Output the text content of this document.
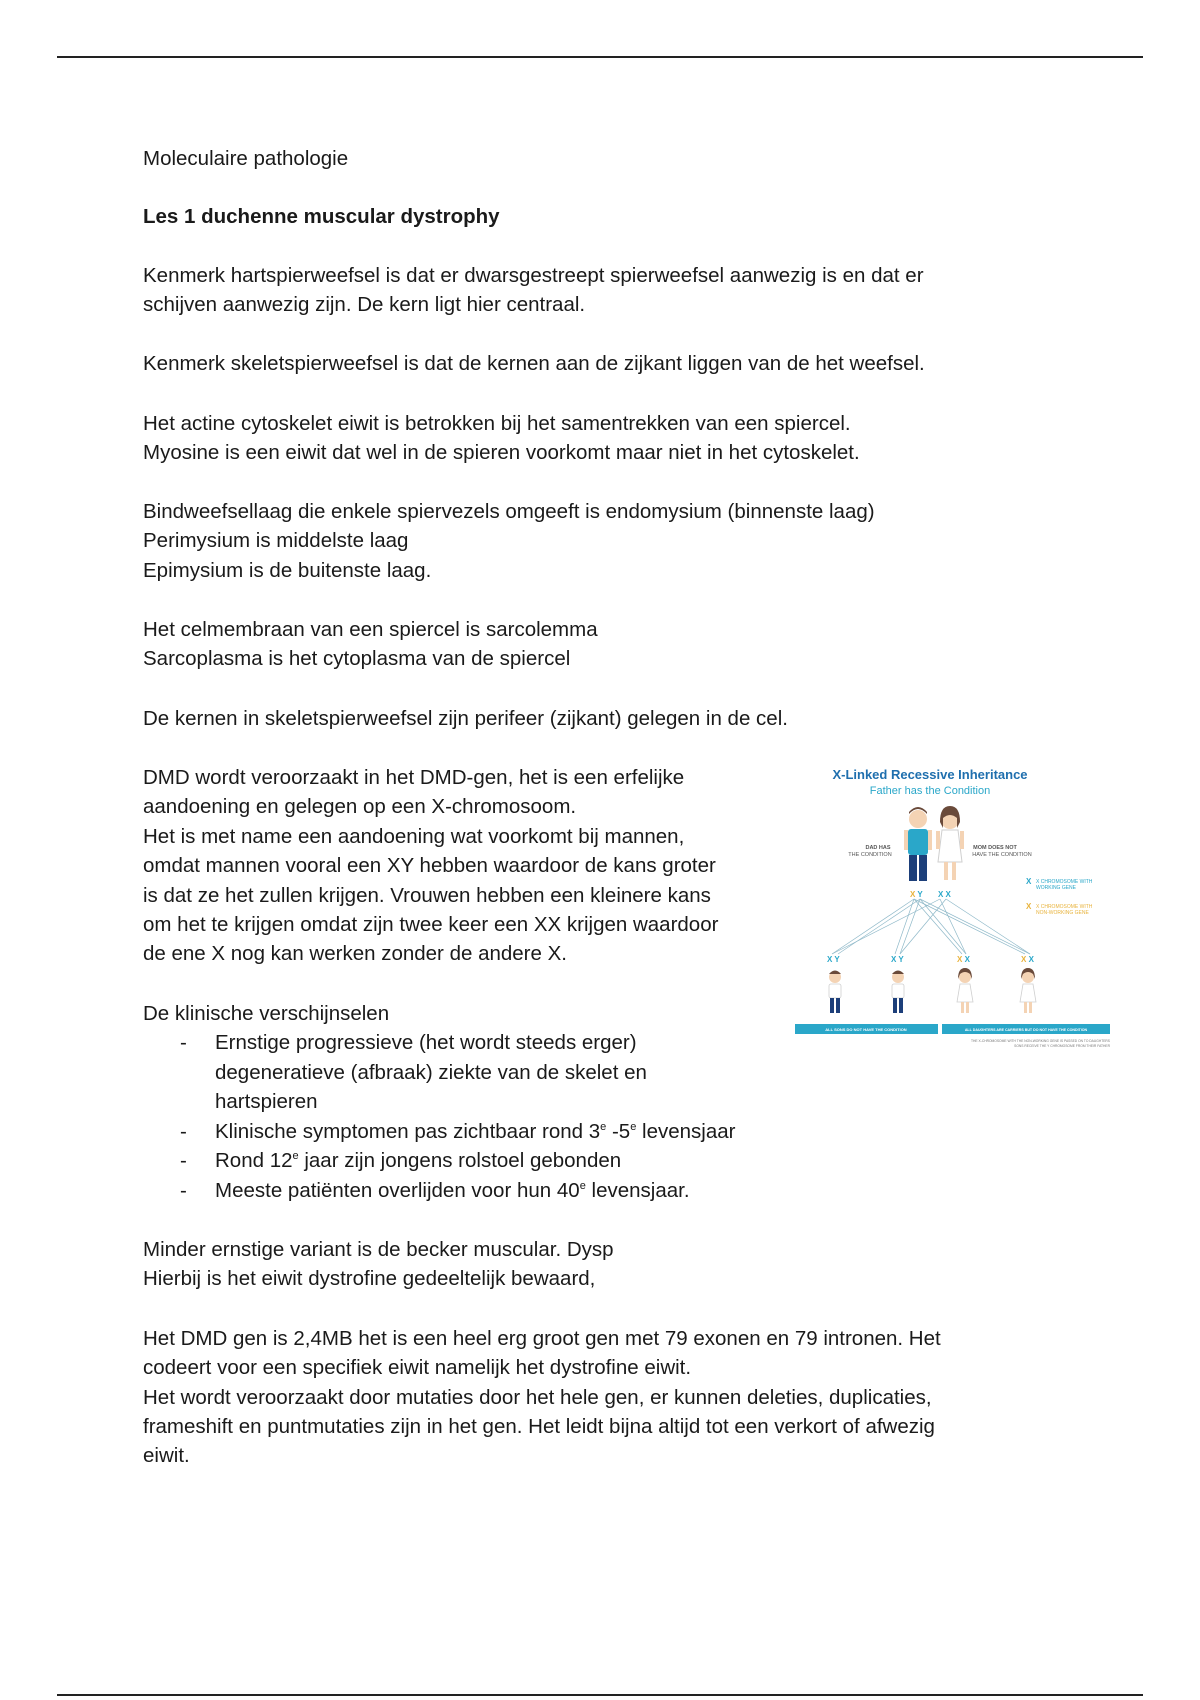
Moleculaire pathologie

Les 1 duchenne muscular dystrophy

Kenmerk hartspierweefsel is dat er dwarsgestreept spierweefsel aanwezig is en dat er

schijven aanwezig zijn. De kern ligt hier centraal.

Kenmerk skeletspierweefsel is dat de kernen aan de zijkant liggen van de het weefsel.

Het actine cytoskelet eiwit is betrokken bij het samentrekken van een spiercel.

Myosine is een eiwit dat wel in de spieren voorkomt maar niet in het cytoskelet.

Bindweefsellaag die enkele spiervezels omgeeft is endomysium (binnenste laag)

Perimysium is middelste laag

Epimysium is de buitenste laag.

Het celmembraan van een spiercel is sarcolemma

Sarcoplasma is het cytoplasma van de spiercel

De kernen in skeletspierweefsel zijn perifeer (zijkant) gelegen in de cel.

DMD wordt veroorzaakt in het DMD-gen, het is een erfelijke

aandoening en gelegen op een X-chromosoom.

Het is met name een aandoening wat voorkomt bij mannen,

omdat mannen vooral een XY hebben waardoor de kans groter

is dat ze het zullen krijgen. Vrouwen hebben een kleinere kans

om het te krijgen omdat zijn twee keer een XX krijgen waardoor

de ene X nog kan werken zonder de andere X.

De klinische verschijnselen

- Ernstige progressieve (het wordt steeds erger)
degeneratieve (afbraak) ziekte van de skelet en
hartspieren
- Klinische symptomen pas zichtbaar rond 3e -5e levensjaar
- Rond 12e jaar zijn jongens rolstoel gebonden
- Meeste patiënten overlijden voor hun 40e levensjaar.

Minder ernstige variant is de becker muscular. Dysp

Hierbij is het eiwit dystrofine gedeeltelijk bewaard,

Het DMD gen is 2,4MB het is een heel erg groot gen met 79 exonen en 79 intronen. Het

codeert voor een specifiek eiwit namelijk het dystrofine eiwit.

Het wordt veroorzaakt door mutaties door het hele gen, er kunnen deleties, duplicaties,

frameshift en puntmutaties zijn in het gen. Het leidt bijna altijd tot een verkort of afwezig

eiwit.

X-Linked Recessive Inheritance
Father has the Condition
DAD HAS
THE CONDITION
MOM DOES NOT
HAVE THE CONDITION
X X CHROMOSOME WITH
WORKING GENE
X X CHROMOSOME WITH
NON-WORKING GENE
X Y X X
X Y	X Y	X X	X X
ALL SONS DO NOT HAVE THE CONDITION	ALL DAUGHTERS ARE CARRIERS BUT DO NOT HAVE THE CONDITION
THE X-CHROMOSOME WITH THE NON-WORKING GENE IS PASSED ON TO DAUGHTERS
SONS RECEIVE THE Y CHROMOSOME FROM THEIR FATHER
